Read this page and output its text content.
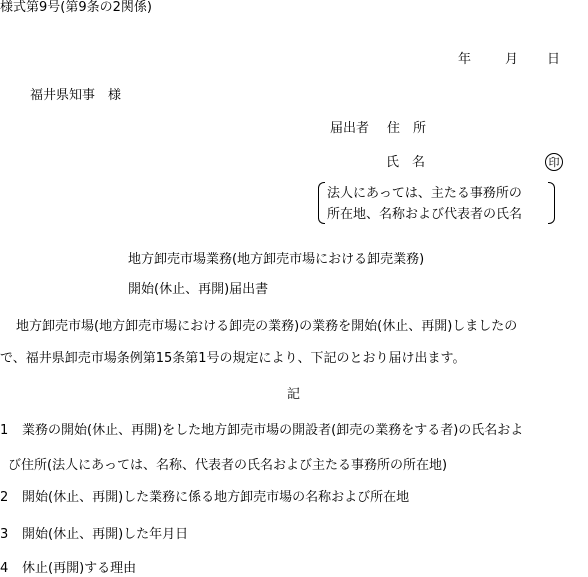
様式第9号(第9条の2関係)
年	月 日
福井県知事　様
届出者 住　所
氏　名	印
法人にあっては、主たる事務所の
所在地、名称および代表者の氏名
地方卸売市場業務(地方卸売市場における卸売業務)
開始(休止、再開)届出書
地方卸売市場(地方卸売市場における卸売の業務)の業務を開始(休止、再開)しましたの
で、福井県卸売市場条例第15条第1号の規定により、下記のとおり届け出ます。
記
1 業務の開始(休止、再開)をした地方卸売市場の開設者(卸売の業務をする者)の氏名およ
び住所(法人にあっては、名称、代表者の氏名および主たる事務所の所在地)
2 開始(休止、再開)した業務に係る地方卸売市場の名称および所在地
3 開始(休止、再開)した年月日
4 休止(再開)する理由
